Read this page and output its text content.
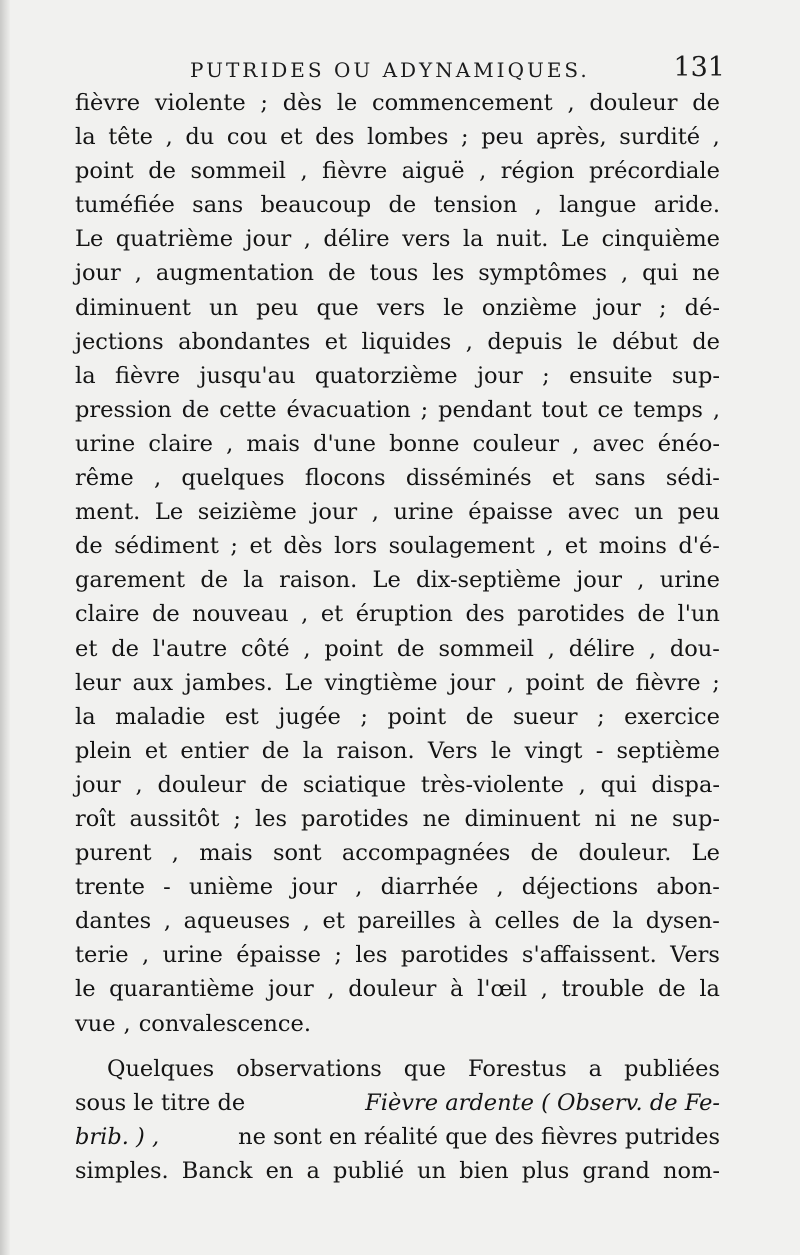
PUTRIDES OU ADYNAMIQUES.	131
fièvre violente ; dès le commencement , douleur de
la tête , du cou et des lombes ; peu après, surdité ,
point de sommeil , fièvre aiguë , région précordiale
tuméfiée sans beaucoup de tension , langue aride.
Le quatrième jour , délire vers la nuit. Le cinquième
jour , augmentation de tous les symptômes , qui ne
diminuent un peu que vers le onzième jour ; dé-
jections abondantes et liquides , depuis le début de
la fièvre jusqu'au quatorzième jour ; ensuite sup-
pression de cette évacuation ; pendant tout ce temps ,
urine claire , mais d'une bonne couleur , avec énéo-
rême , quelques flocons disséminés et sans sédi-
ment. Le seizième jour , urine épaisse avec un peu
de sédiment ; et dès lors soulagement , et moins d'é-
garement de la raison. Le dix-septième jour , urine
claire de nouveau , et éruption des parotides de l'un
et de l'autre côté , point de sommeil , délire , dou-
leur aux jambes. Le vingtième jour , point de fièvre ;
la maladie est jugée ; point de sueur ; exercice
plein et entier de la raison. Vers le vingt - septième
jour , douleur de sciatique très-violente , qui dispa-
roît aussitôt ; les parotides ne diminuent ni ne sup-
purent , mais sont accompagnées de douleur. Le
trente - unième jour , diarrhée , déjections abon-
dantes , aqueuses , et pareilles à celles de la dysen-
terie , urine épaisse ; les parotides s'affaissent. Vers
le quarantième jour , douleur à l'œil , trouble de la
vue , convalescence.
Quelques observations que Forestus a publiées
sous le titre de	Fièvre ardente ( Observ. de Fe-
brib. ) ,	ne sont en réalité que des fièvres putrides
simples. Banck en a publié un bien plus grand nom-
